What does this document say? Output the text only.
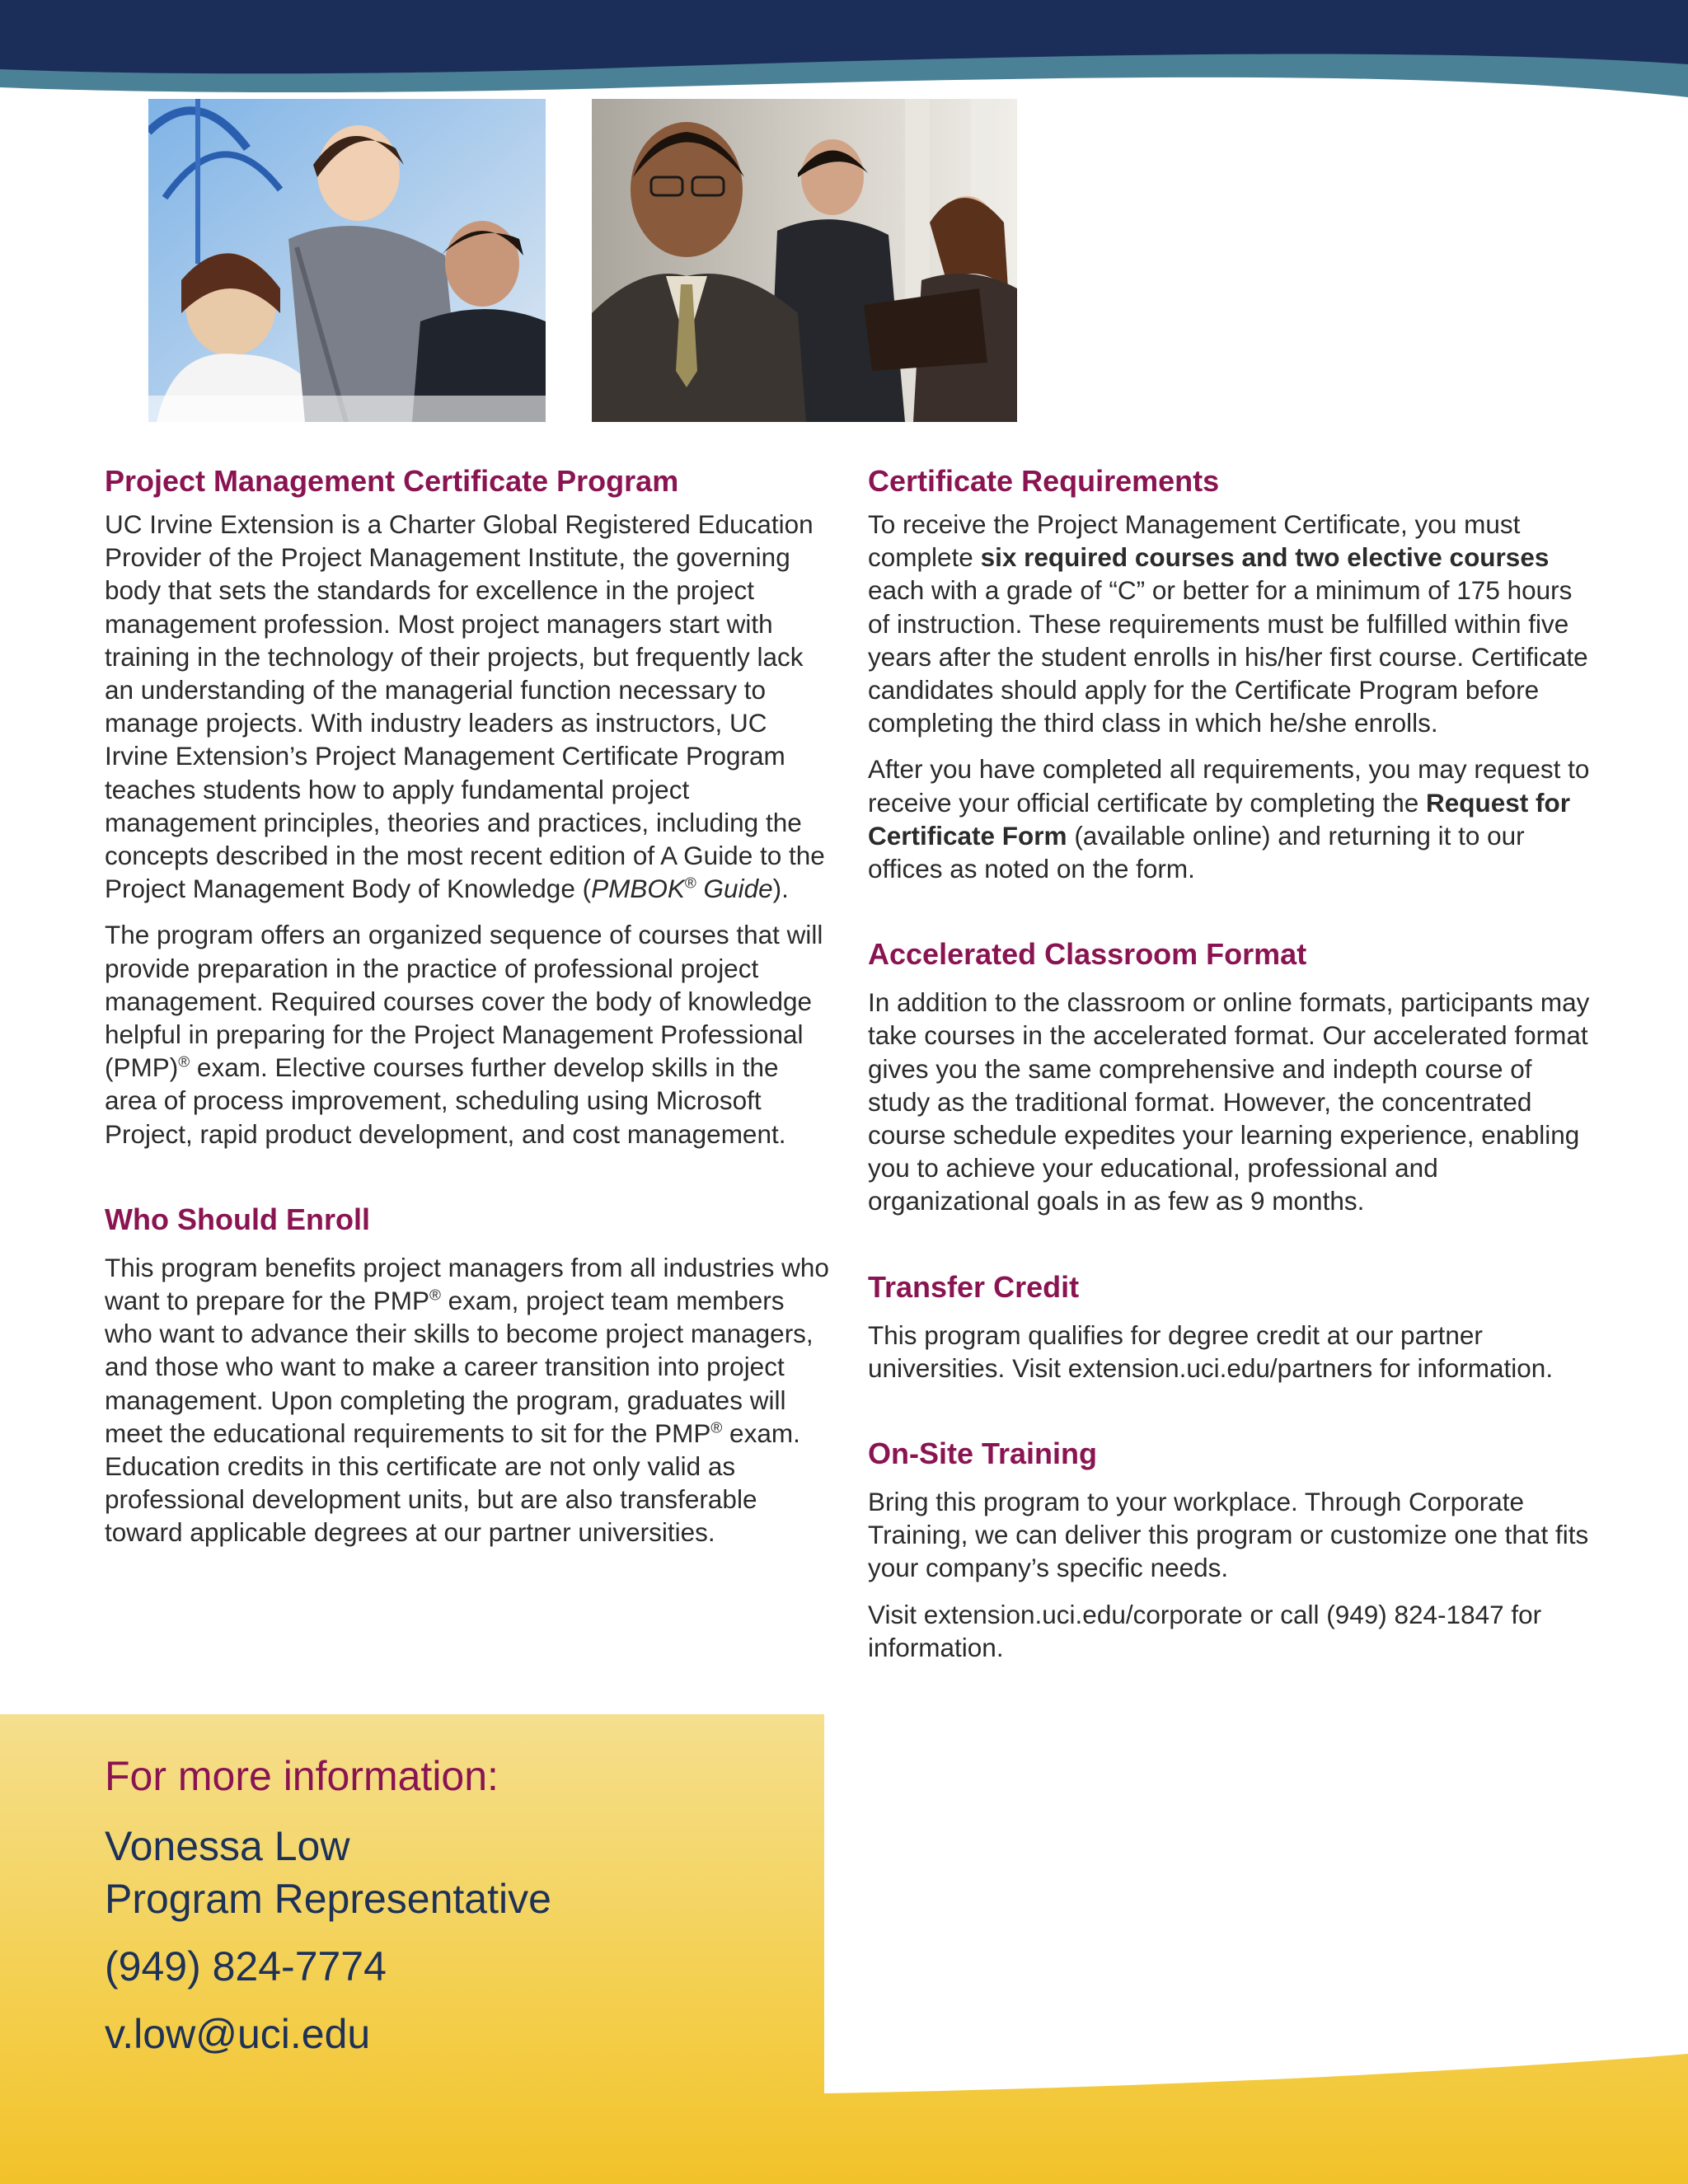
Project Management Certificate Program

UC Irvine Extension is a Charter Global Registered Education Provider of the Project Management Institute, the governing body that sets the standards for excellence in the project management profession. Most project managers start with training in the technology of their projects, but frequently lack an understanding of the managerial function necessary to manage projects. With industry leaders as instructors, UC Irvine Extension’s Project Management Certificate Program teaches students how to apply fundamental project management principles, theories and practices, including the concepts described in the most recent edition of A Guide to the Project Management Body of Knowledge (PMBOK® Guide).

The program offers an organized sequence of courses that will provide preparation in the practice of professional project management. Required courses cover the body of knowledge helpful in preparing for the Project Management Professional (PMP)® exam. Elective courses further develop skills in the area of process improvement, scheduling using Microsoft Project, rapid product development, and cost management.

Who Should Enroll

This program benefits project managers from all industries who want to prepare for the PMP® exam, project team members who want to advance their skills to become project managers, and those who want to make a career transition into project management. Upon completing the program, graduates will meet the educational requirements to sit for the PMP® exam. Education credits in this certificate are not only valid as professional development units, but are also transferable toward applicable degrees at our partner universities.

Certificate Requirements

To receive the Project Management Certificate, you must complete six required courses and two elective courses each with a grade of “C” or better for a minimum of 175 hours of instruction. These requirements must be fulfilled within five years after the student enrolls in his/her first course. Certificate candidates should apply for the Certificate Program before completing the third class in which he/she enrolls.

After you have completed all requirements, you may request to receive your official certificate by completing the Request for Certificate Form (available online) and returning it to our offices as noted on the form.

Accelerated Classroom Format

In addition to the classroom or online formats, participants may take courses in the accelerated format. Our accelerated format gives you the same comprehensive and indepth course of study as the traditional format. However, the concentrated course schedule expedites your learning experience, enabling you to achieve your educational, professional and organizational goals in as few as 9 months.

Transfer Credit

This program qualifies for degree credit at our partner universities. Visit extension.uci.edu/partners for information.

On-Site Training

Bring this program to your workplace. Through Corporate Training, we can deliver this program or customize one that fits your company’s specific needs.

Visit extension.uci.edu/corporate or call (949) 824-1847 for information.

For more information:
Vonessa Low
Program Representative
(949) 824-7774
v.low@uci.edu
